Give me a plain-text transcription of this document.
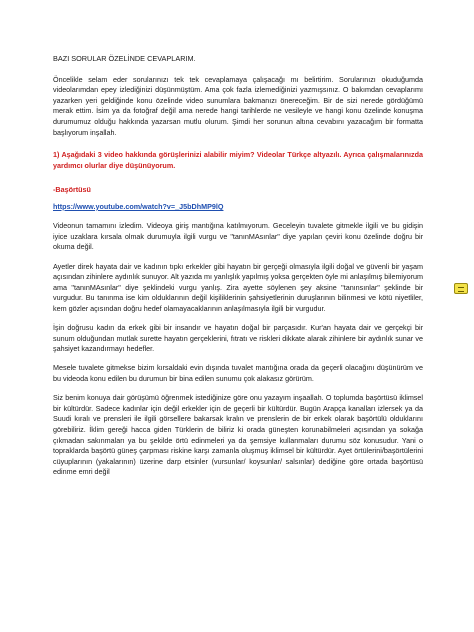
BAZI SORULAR ÖZELİNDE CEVAPLARIM.

Öncelikle selam eder sorularınızı tek tek cevaplamaya çalışacağı mı belirtirim. Sorularınızı okuduğumda videolarımdan epey izlediğinizi düşünmüştüm. Ama çok fazla izlemediğinizi yazmışsınız. O bakımdan cevaplarımı yazarken yeri geldiğinde konu özelinde video sunumlara bakmanızı önereceğim. Bir de sizi nerede gördüğümü merak ettim. İsim ya da fotoğraf değil ama nerede hangi tarihlerde ne vesileyle ve hangi konu özelinde konuşma durumumuz olduğu hakkında yazarsan mutlu olurum. Şimdi her sorunun altına cevabını yazacağım bir formatta başlıyorum inşallah.

1) Aşağıdaki 3 video hakkında görüşlerinizi alabilir miyim? Videolar Türkçe altyazılı. Ayrıca çalışmalarınızda yardımcı olurlar diye düşünüyorum.

-Başörtüsü

https://www.youtube.com/watch?v=_J5bDhMP9lQ

Videonun tamamını izledim. Videoya giriş mantığına katılmıyorum. Geceleyin tuvalete gitmekle ilgili ve bu gidişin iyice uzaklara kırsala olmak durumuyla ilgili vurgu ve "tanınMAsınlar" diye yapılan çeviri konu özelinde doğru bir okuma değil.

Ayetler direk hayata dair ve kadının tıpkı erkekler gibi hayatın bir gerçeği olmasıyla ilgili doğal ve güvenli bir yaşam açısından zihinlere aydınlık sunuyor. Alt yazıda mı yanlışlık yapılmış yoksa gerçekten öyle mi anlaşılmış bilemiyorum ama "tanınMAsınlar" diye şeklindeki vurgu yanlış. Zira ayette söylenen şey aksine "tanınsınlar" şeklinde bir vurgudur. Bu tanınma ise kim olduklarının değil kişiliklerinin şahsiyetlerinin duruşlarının bilinmesi ve kötü niyetliler, kem gözler açısından doğru hedef olamayacaklarının anlaşılmasıyla ilgili bir vurgudur.

İşin doğrusu kadın da erkek gibi bir insandır ve hayatın doğal bir parçasıdır. Kur'an hayata dair ve gerçekçi bir sunum olduğundan mutlak surette hayatın gerçeklerini, fıtratı ve riskleri dikkate alarak zihinlere bir aydınlık sunar ve şahsiyet kazandırmayı hedefler.

Mesele tuvalete gitmekse bizim kırsaldaki evin dışında tuvalet mantığına orada da geçerli olacağını düşünürüm ve bu videoda konu edilen bu durumun bir bina edilen sunumu çok alakasız görürüm.

Siz benim konuya dair görüşümü öğrenmek istediğinize göre onu yazayım inşaallah. O toplumda başörtüsü iklimsel bir kültürdür. Sadece kadınlar için değil erkekler için de geçerli bir kültürdür. Bugün Arapça kanalları izlersek ya da Suudi kıralı ve prensleri ile ilgili görsellere bakarsak kralın ve prenslerin de bir erkek olarak başörtülü olduklarını görebiliriz. İklim gereği hacca giden Türklerin de biliriz ki orada güneşten korunabilmeleri açısından ya sokağa çıkmadan sakınmaları ya bu şekilde örtü edinmeleri ya da şemsiye kullanmaları durumu söz konusudur. Yani o topraklarda başörtü güneş çarpması riskine karşı zamanla oluşmuş iklimsel bir kültürdür. Ayet örtülerini/başörtülerini cüyuplarının (yakalarının) üzerine darp etsinler (vursunlar/ koysunlar/ salsınlar) dediğine göre ortada başörtüsü edinme emri değil
